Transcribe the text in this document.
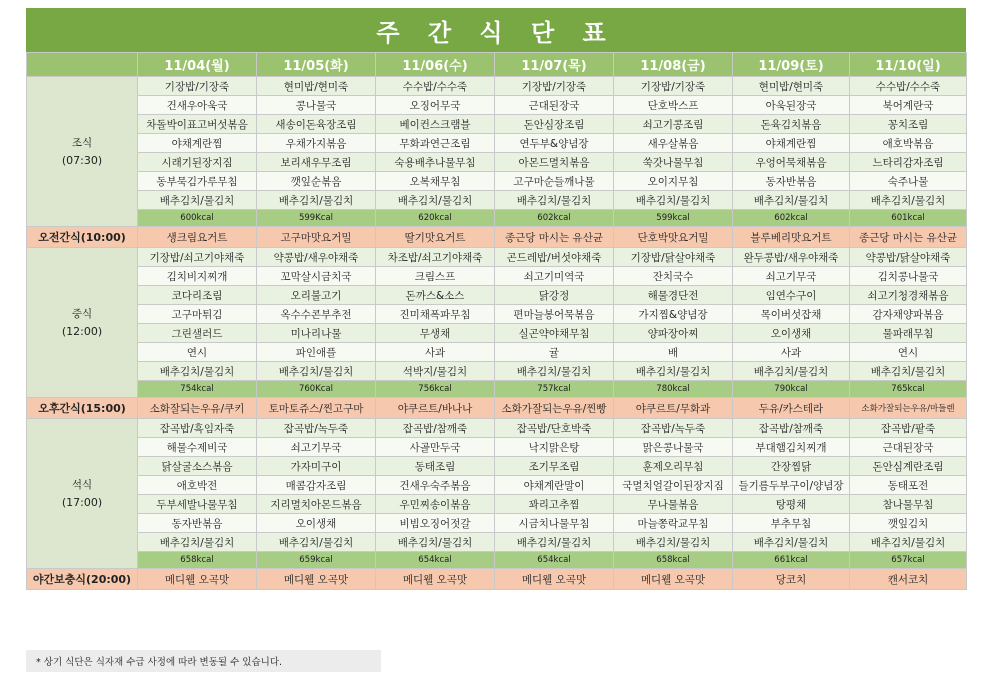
주 간 식 단 표
	11/04(월)	11/05(화)	11/06(수)	11/07(목)	11/08(금)	11/09(토)	11/10(일)

조식
(07:30)	기장밥/기장죽	현미밥/현미죽	수수밥/수수죽	기장밥/기장죽	기장밥/기장죽	현미밥/현미죽	수수밥/수수죽
	건새우아욱국	콩나물국	오징어무국	근대된장국	단호박스프	아욱된장국	북어계란국
	차돌박이표고버섯볶음	새송이돈육장조림	베이컨스크램블	돈안심장조림	쇠고기콩조림	돈육김치볶음	꽁치조림
	야채계란찜	우채가지볶음	무화과연근조림	연두부&양념장	새우살볶음	야채계란찜	애호박볶음
	시래기된장지짐	보리새우무조림	숙용배추나물무침	아몬드멸치볶음	쑥갓나물무침	우엉어묵채볶음	느타리감자조림
	동부묵김가루무침	깻잎순볶음	오복채무침	고구마순들깨나물	오이지무침	동자반볶음	숙주나물
	배추김치/물김치	배추김치/물김치	배추김치/물김치	배추김치/물김치	배추김치/물김치	배추김치/물김치	배추김치/물김치
	600kcal	599Kcal	620kcal	602kcal	599kcal	602kcal	601kcal
오전간식(10:00)	생크림요거트	고구마맛요거밀	딸기맛요거트	종근당 마시는 유산균	단호박맛요거밀	블루베리맛요거트	종근당 마시는 유산균

중식
(12:00)	기장밥/쇠고기야채죽	약콩밥/새우야채죽	차조밥/쇠고기야채죽	곤드레밥/버섯야채죽	기장밥/닭살야채죽	완두콩밥/새우야채죽	약콩밥/닭살야채죽
	김치비지찌개	꼬막살시금치국	크림스프	쇠고기미역국	잔치국수	쇠고기무국	김치콩나물국
	코다리조림	오리불고기	돈까스&소스	닭강정	해물경단전	임연수구이	쇠고기청경채볶음
	고구마튀김	옥수수콘부추전	진미채폭파무침	편마늘봉어묵볶음	가지찜&양념장	목이버섯잡채	감자채양파볶음
	그린샐러드	미나리나물	무생채	실곤약야채무침	양파장아찌	오이생채	물파래무침
	연시	파인애플	사과	귤	배	사과	연시
	배추김치/물김치	배추김치/물김치	석박지/물김치	배추김치/물김치	배추김치/물김치	배추김치/물김치	배추김치/물김치
	754kcal	760Kcal	756kcal	757kcal	780kcal	790kcal	765kcal
오후간식(15:00)	소화잘되는우유/쿠키	토마토쥬스/찐고구마	야쿠르트/바나나	소화가잘되는우유/찐빵	야쿠르트/무화과	두유/카스테라	소화가잘되는우유/마들렌

석식
(17:00)	잡곡밥/흑임자죽	잡곡밥/녹두죽	잡곡밥/참깨죽	잡곡밥/단호박죽	잡곡밥/녹두죽	잡곡밥/참깨죽	잡곡밥/팥죽
	해물수제비국	쇠고기무국	사골만두국	낙지맑은탕	맑은콩나물국	부대햄김치찌개	근대된장국
	닭살굴소스볶음	가자미구이	동태조림	조기무조림	훈제오리무침	간장찜닭	돈안심계란조림
	애호박전	매콤감자조림	건새우숙주볶음	야채계란말이	국멸치얼갈이된장지짐	들기름두부구이/양념장	동태포전
	두부세발나물무침	지리멸치아몬드볶음	우민찌송이볶음	꽈리고추찜	무나물볶음	탕평채	참나물무침
	동자반볶음	오이생채	비빔오징어젓갈	시금치나물무침	마늘쫑락교무침	부추무침	깻잎김치
	배추김치/물김치	배추김치/물김치	배추김치/물김치	배추김치/물김치	배추김치/물김치	배추김치/물김치	배추김치/물김치
	658kcal	659kcal	654kcal	654kcal	658kcal	661kcal	657kcal
야간보충식(20:00)	메디웰 오곡맛	메디웰 오곡맛	메디웰 오곡맛	메디웰 오곡맛	메디웰 오곡맛	당코치	캔서코치
* 상기 식단은 식자재 수급 사정에 따라 변동될 수 있습니다.
